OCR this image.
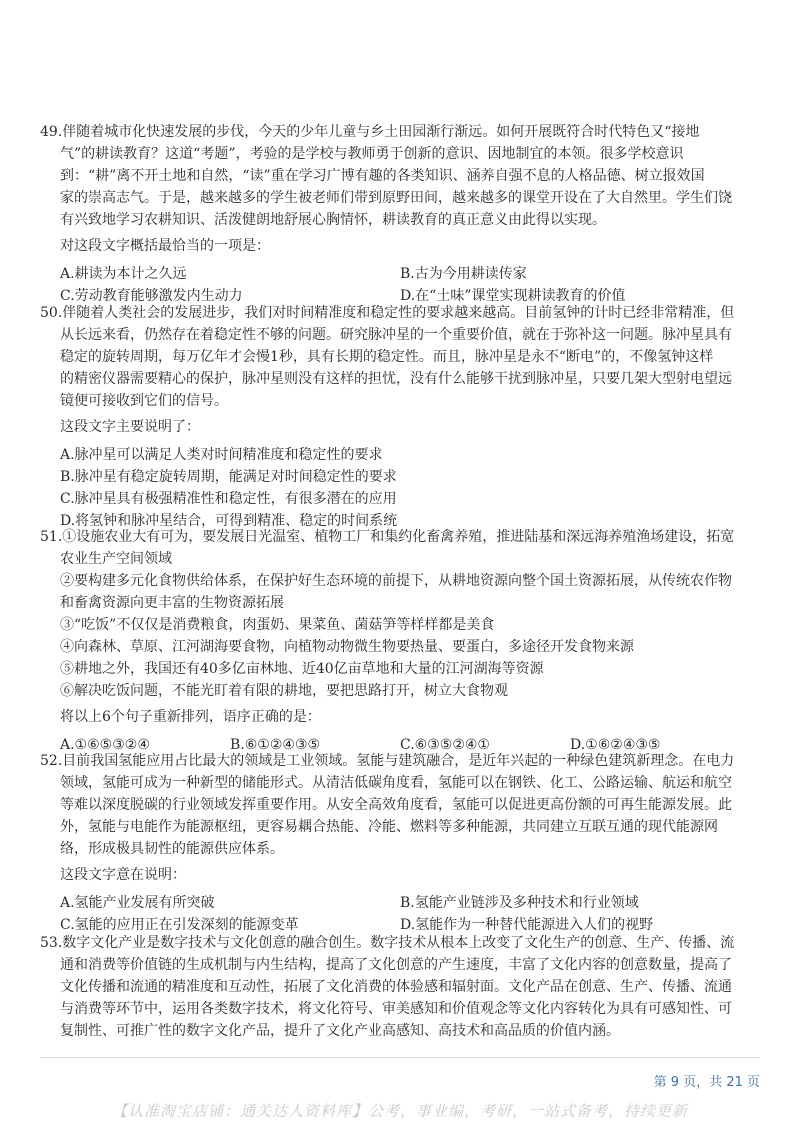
49.伴随着城市化快速发展的步伐，今天的少年儿童与乡土田园渐行渐远。如何开展既符合时代特色又“接地
气”的耕读教育？这道“考题”，考验的是学校与教师勇于创新的意识、因地制宜的本领。很多学校意识
到：“耕”离不开土地和自然，“读”重在学习广博有趣的各类知识、涵养自强不息的人格品德、树立报效国
家的崇高志气。于是，越来越多的学生被老师们带到原野田间，越来越多的课堂开设在了大自然里。学生们饶
有兴致地学习农耕知识、活泼健朗地舒展心胸情怀，耕读教育的真正意义由此得以实现。
对这段文字概括最恰当的一项是：
A.耕读为本计之久远	B.古为今用耕读传家
C.劳动教育能够激发内生动力	D.在“土味”课堂实现耕读教育的价值
50.伴随着人类社会的发展进步，我们对时间精准度和稳定性的要求越来越高。目前氢钟的计时已经非常精准，但
从长远来看，仍然存在着稳定性不够的问题。研究脉冲星的一个重要价值，就在于弥补这一问题。脉冲星具有
稳定的旋转周期，每万亿年才会慢1秒，具有长期的稳定性。而且，脉冲星是永不“断电”的，不像氢钟这样
的精密仪器需要精心的保护，脉冲星则没有这样的担忧，没有什么能够干扰到脉冲星，只要几架大型射电望远
镜便可接收到它们的信号。
这段文字主要说明了：
A.脉冲星可以满足人类对时间精准度和稳定性的要求
B.脉冲星有稳定旋转周期，能满足对时间稳定性的要求
C.脉冲星具有极强精准性和稳定性，有很多潜在的应用
D.将氢钟和脉冲星结合，可得到精准、稳定的时间系统
51.①设施农业大有可为，要发展日光温室、植物工厂和集约化畜禽养殖，推进陆基和深远海养殖渔场建设，拓宽
农业生产空间领域
②要构建多元化食物供给体系，在保护好生态环境的前提下，从耕地资源向整个国土资源拓展，从传统农作物
和畜禽资源向更丰富的生物资源拓展
③“吃饭”不仅仅是消费粮食，肉蛋奶、果菜鱼、菌菇笋等样样都是美食
④向森林、草原、江河湖海要食物，向植物动物微生物要热量、要蛋白，多途径开发食物来源
⑤耕地之外，我国还有40多亿亩林地、近40亿亩草地和大量的江河湖海等资源
⑥解决吃饭问题，不能光盯着有限的耕地，要把思路打开，树立大食物观
将以上6个句子重新排列，语序正确的是：
A.①⑥⑤③②④	B.⑥①②④③⑤	C.⑥③⑤②④①	D.①⑥②④③⑤
52.目前我国氢能应用占比最大的领域是工业领域。氢能与建筑融合，是近年兴起的一种绿色建筑新理念。在电力
领域，氢能可成为一种新型的储能形式。从清洁低碳角度看，氢能可以在钢铁、化工、公路运输、航运和航空
等难以深度脱碳的行业领域发挥重要作用。从安全高效角度看，氢能可以促进更高份额的可再生能源发展。此
外，氢能与电能作为能源枢纽，更容易耦合热能、冷能、燃料等多种能源，共同建立互联互通的现代能源网
络，形成极具韧性的能源供应体系。
这段文字意在说明：
A.氢能产业发展有所突破	B.氢能产业链涉及多种技术和行业领域
C.氢能的应用正在引发深刻的能源变革	D.氢能作为一种替代能源进入人们的视野
53.数字文化产业是数字技术与文化创意的融合创生。数字技术从根本上改变了文化生产的创意、生产、传播、流
通和消费等价值链的生成机制与内生结构，提高了文化创意的产生速度，丰富了文化内容的创意数量，提高了
文化传播和流通的精准度和互动性，拓展了文化消费的体验感和辐射面。文化产品在创意、生产、传播、流通
与消费等环节中，运用各类数字技术，将文化符号、审美感知和价值观念等文化内容转化为具有可感知性、可
复制性、可推广性的数字文化产品，提升了文化产业高感知、高技术和高品质的价值内涵。
第 9 页，共 21 页
【认准淘宝店铺：通关达人资料库】公考，事业编，考研，一站式备考，持续更新
